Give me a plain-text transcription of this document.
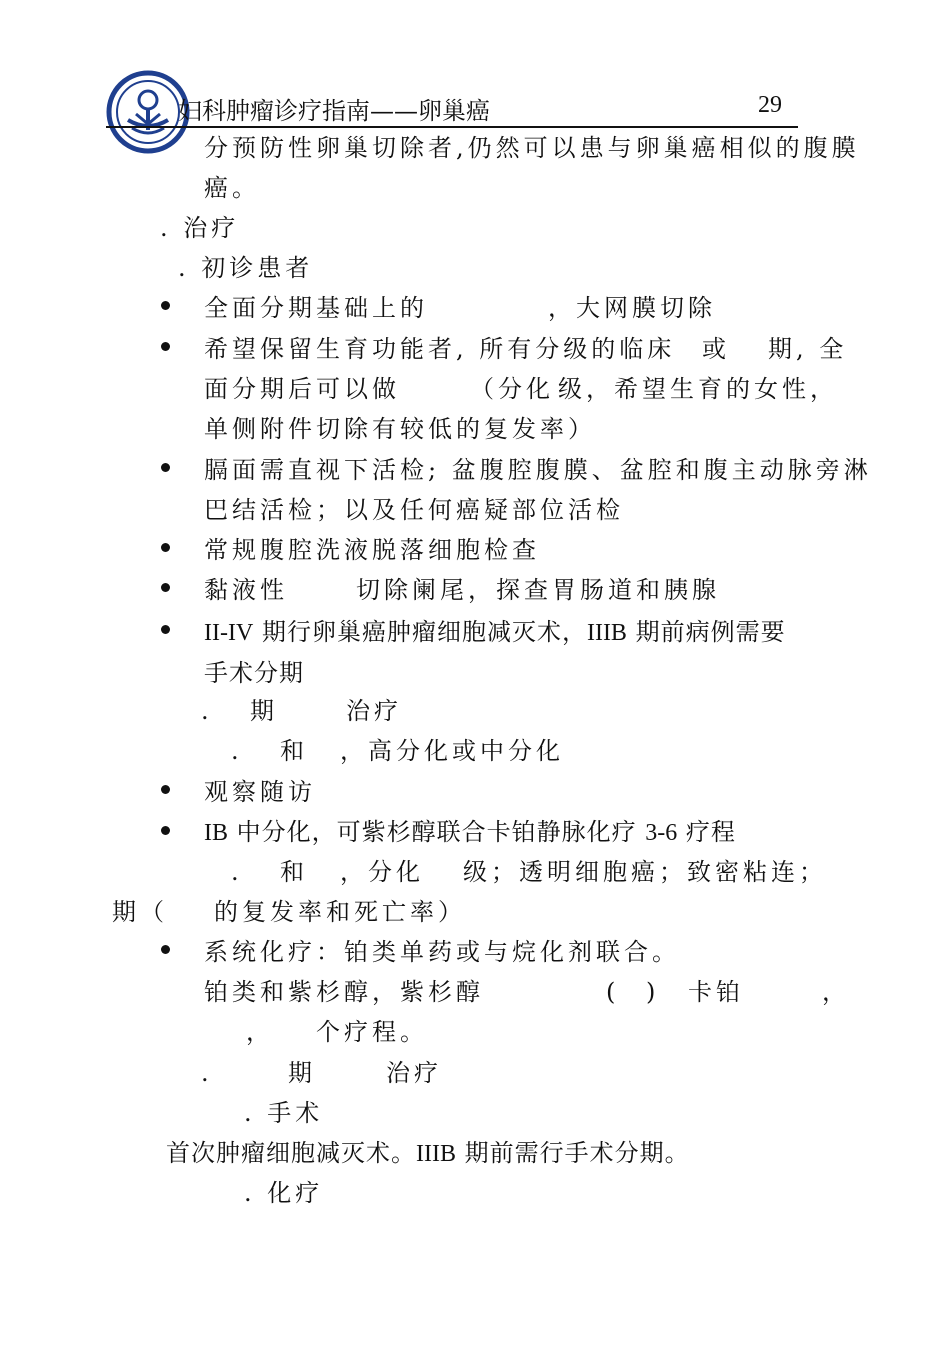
妇科肿瘤诊疗指南——卵巢癌	29
分预防性卵巢切除者,仍然可以患与卵巢癌相似的腹膜
癌。
. 治疗
. 初诊患者
全面分期基础上的	，大网膜切除
希望保留生育功能者, 所有分级的临床 或 期, 全
面分期后可以做	（分化 级，希望生育的女性，
单侧附件切除有较低的复发率）
膈面需直视下活检; 盆腹腔腹膜、盆腔和腹主动脉旁淋
巴结活检；以及任何癌疑部位活检
常规腹腔洗液脱落细胞检查
黏液性	切除阑尾，探查胃肠道和胰腺
II-IV 期行卵巢癌肿瘤细胞减灭术，IIIB 期前病例需要
手术分期
. 期	治疗
. 和 ，高分化或中分化
观察随访
IB 中分化，可紫杉醇联合卡铂静脉化疗 3-6 疗程
. 和 ，分化 级；透明细胞癌；致密粘连；
期（ 的复发率和死亡率）
系统化疗：铂类单药或与烷化剂联合。
铂类和紫杉醇，紫杉醇	( ) 卡铂	，
， 个疗程。
.	期	治疗
. 手术
首次肿瘤细胞减灭术。IIIB 期前需行手术分期。
. 化疗
